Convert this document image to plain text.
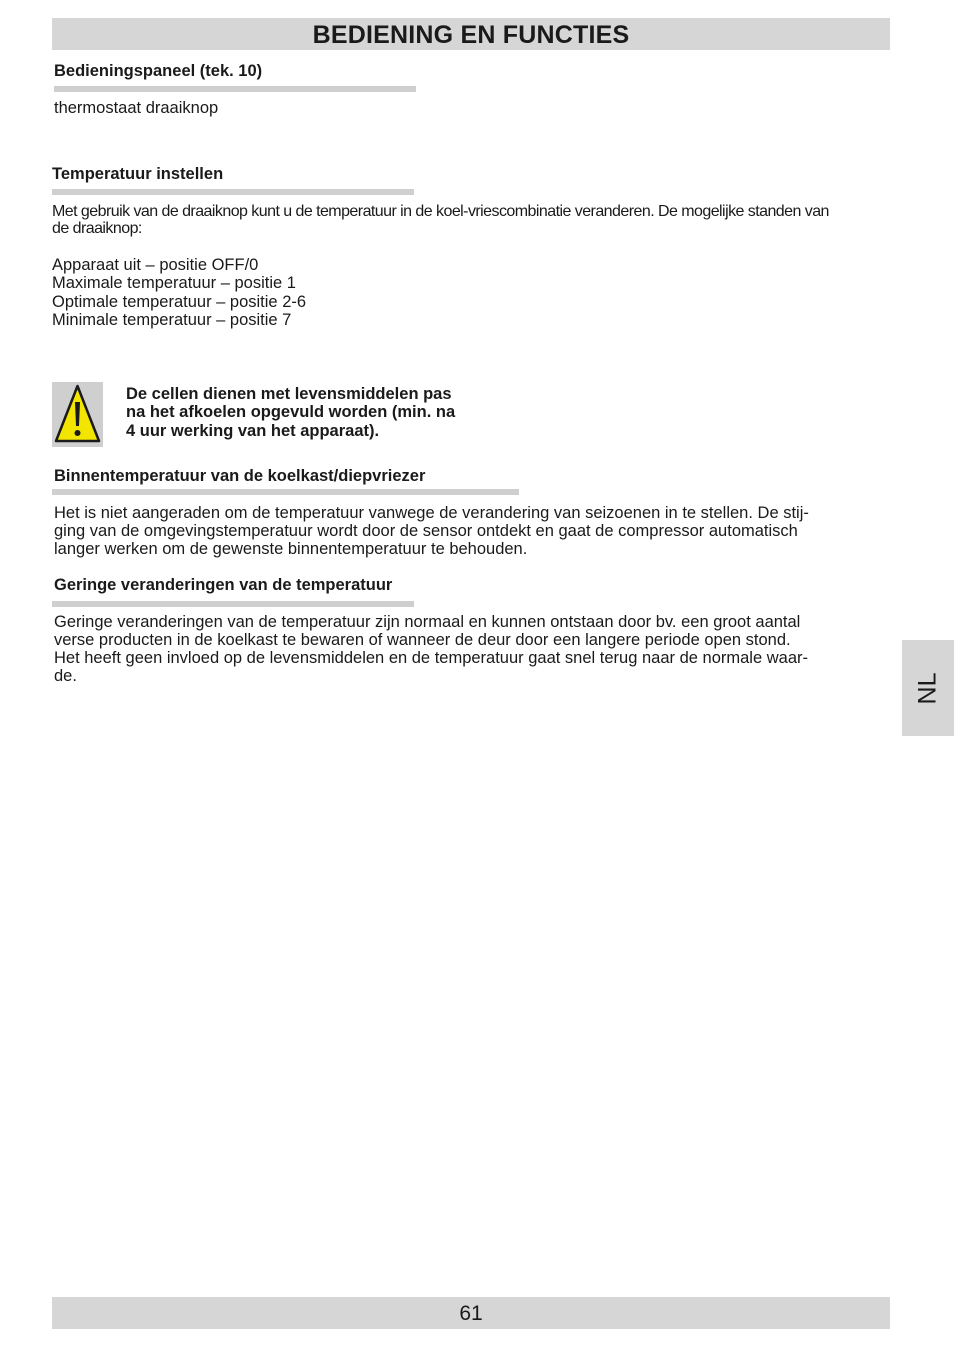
BEDIENING EN FUNCTIES
Bedieningspaneel (tek. 10)
thermostaat draaiknop
Temperatuur instellen
Met gebruik van de draaiknop kunt u de temperatuur in de koel-vriescombinatie veranderen. De mogelijke standen van
de draaiknop:
Apparaat uit – positie OFF/0
Maximale temperatuur – positie 1
Optimale temperatuur – positie 2-6
Minimale temperatuur – positie 7
De cellen dienen met levensmiddelen pas
na het afkoelen opgevuld worden (min. na
4 uur werking van het apparaat).
Binnentemperatuur van de koelkast/diepvriezer
Het is niet aangeraden om de temperatuur vanwege de verandering van seizoenen in te stellen. De stij-
ging van de omgevingstemperatuur wordt door de sensor ontdekt en gaat de compressor automatisch
langer werken om de gewenste binnentemperatuur te behouden.
Geringe veranderingen van de temperatuur
Geringe veranderingen van de temperatuur zijn normaal en kunnen ontstaan door bv. een groot aantal
verse producten in de koelkast te bewaren of wanneer de deur door een langere periode open stond.
Het heeft geen invloed op de levensmiddelen en de temperatuur gaat snel terug naar de normale waar-
de.	NL
61
